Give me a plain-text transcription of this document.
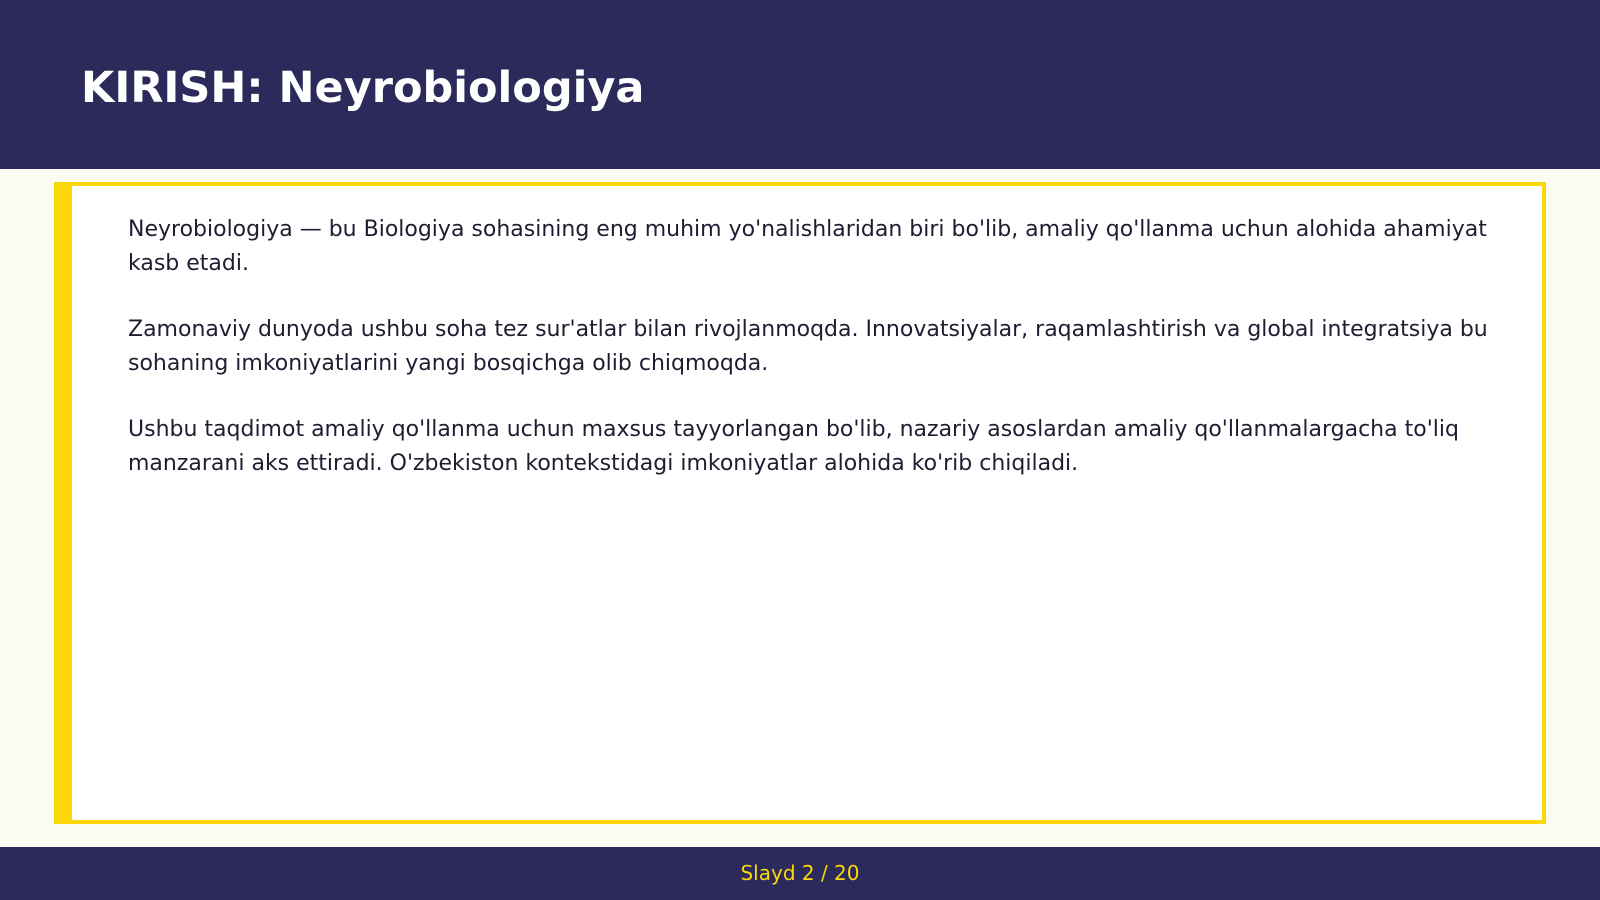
KIRISH: Neyrobiologiya

Neyrobiologiya — bu Biologiya sohasining eng muhim yo'nalishlaridan biri bo'lib, amaliy qo'llanma uchun alohida ahamiyat kasb etadi.

Zamonaviy dunyoda ushbu soha tez sur'atlar bilan rivojlanmoqda. Innovatsiyalar, raqamlashtirish va global integratsiya bu sohaning imkoniyatlarini yangi bosqichga olib chiqmoqda.

Ushbu taqdimot amaliy qo'llanma uchun maxsus tayyorlangan bo'lib, nazariy asoslardan amaliy qo'llanmalargacha to'liq manzarani aks ettiradi. O'zbekiston kontekstidagi imkoniyatlar alohida ko'rib chiqiladi.

Slayd 2 / 20
